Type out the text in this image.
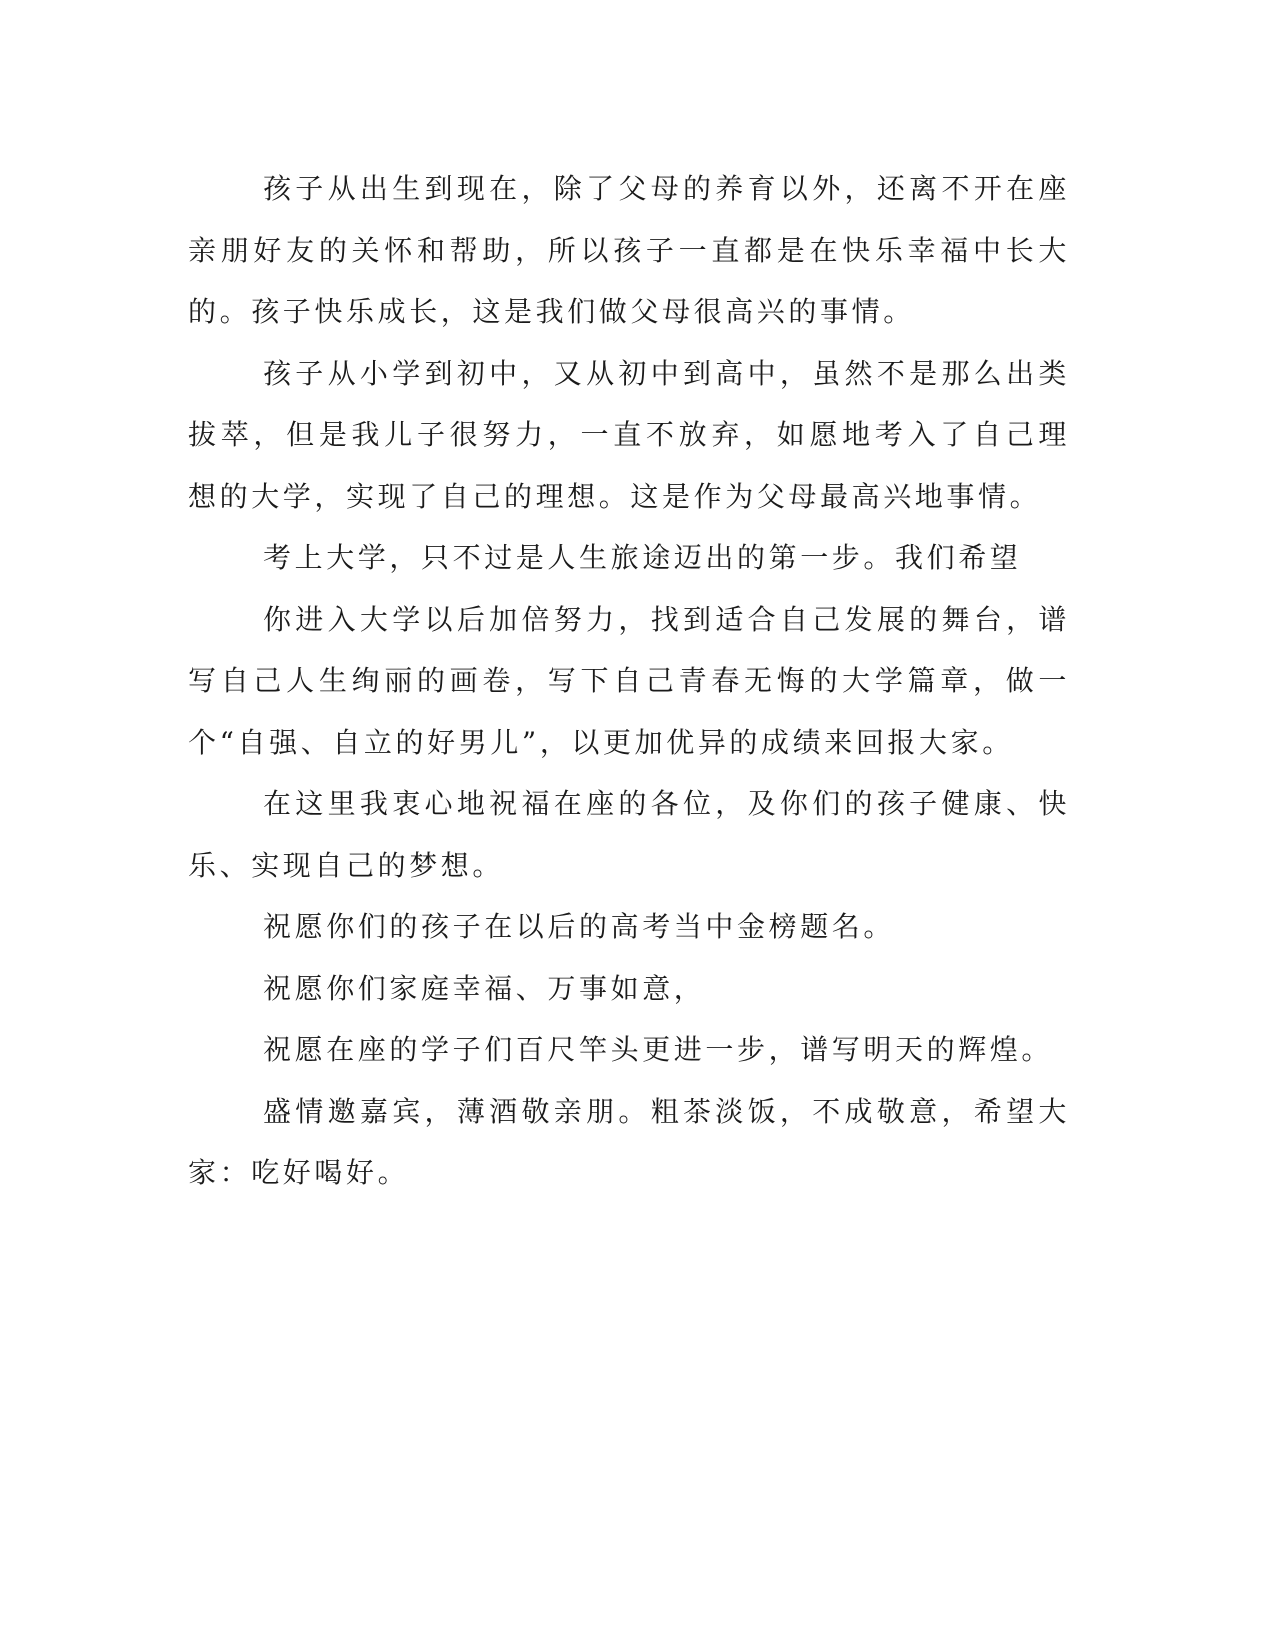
孩子从出生到现在，除了父母的养育以外，还离不开在座亲朋好友的关怀和帮助，所以孩子一直都是在快乐幸福中长大的。孩子快乐成长，这是我们做父母很高兴的事情。

孩子从小学到初中，又从初中到高中，虽然不是那么出类拔萃，但是我儿子很努力，一直不放弃，如愿地考入了自己理想的大学，实现了自己的理想。这是作为父母最高兴地事情。

考上大学，只不过是人生旅途迈出的第一步。我们希望

你进入大学以后加倍努力，找到适合自己发展的舞台，谱写自己人生绚丽的画卷，写下自己青春无悔的大学篇章，做一个“自强、自立的好男儿”，以更加优异的成绩来回报大家。

在这里我衷心地祝福在座的各位，及你们的孩子健康、快乐、实现自己的梦想。

祝愿你们的孩子在以后的高考当中金榜题名。

祝愿你们家庭幸福、万事如意，

祝愿在座的学子们百尺竿头更进一步，谱写明天的辉煌。

盛情邀嘉宾，薄酒敬亲朋。粗茶淡饭，不成敬意，希望大家：吃好喝好。
